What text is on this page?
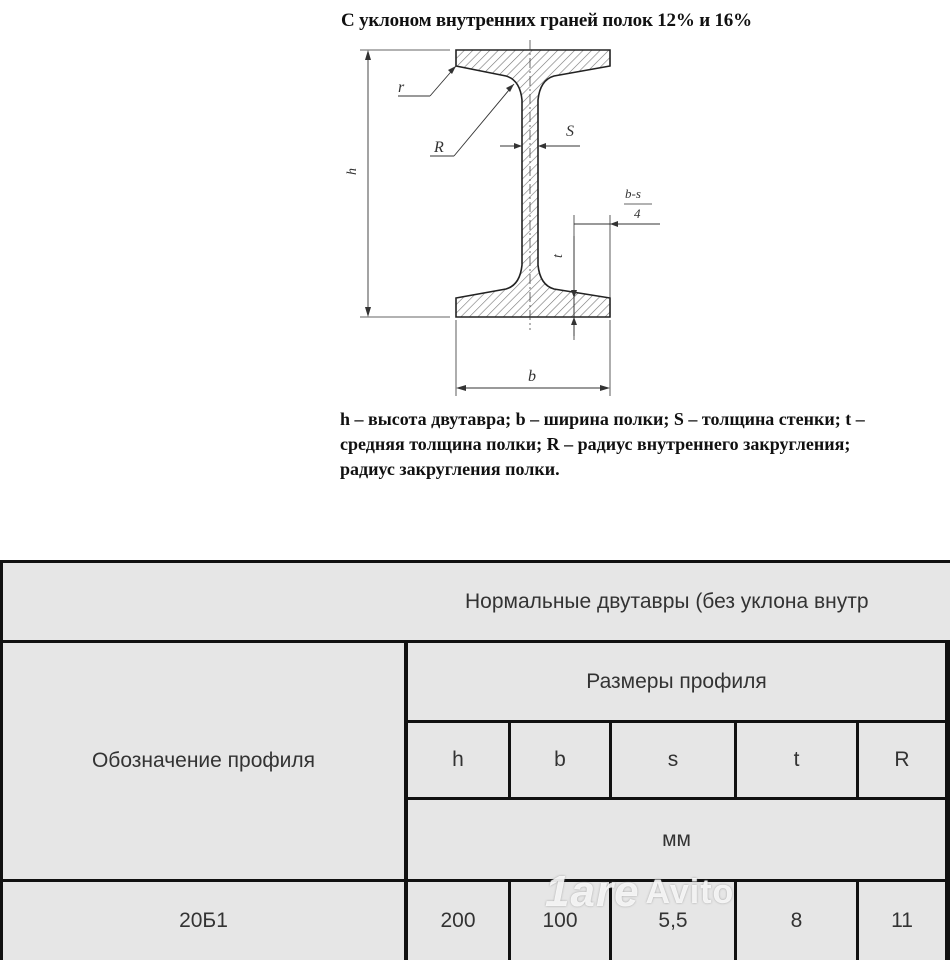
С уклоном внутренних граней полок 12% и 16%
h
r
R
S
b-s
4
t
b
h – высота двутавра; b – ширина полки; S – толщина стенки; t –
средняя толщина полки; R – радиус внутреннего закругления;
радиус закругления полки.
Нормальные двутавры (без уклона внутр
Обозначение профиля
Размеры профиля
h	b	s	t	R
мм
20Б1	200	100	5,5	8	11
1are Avito
